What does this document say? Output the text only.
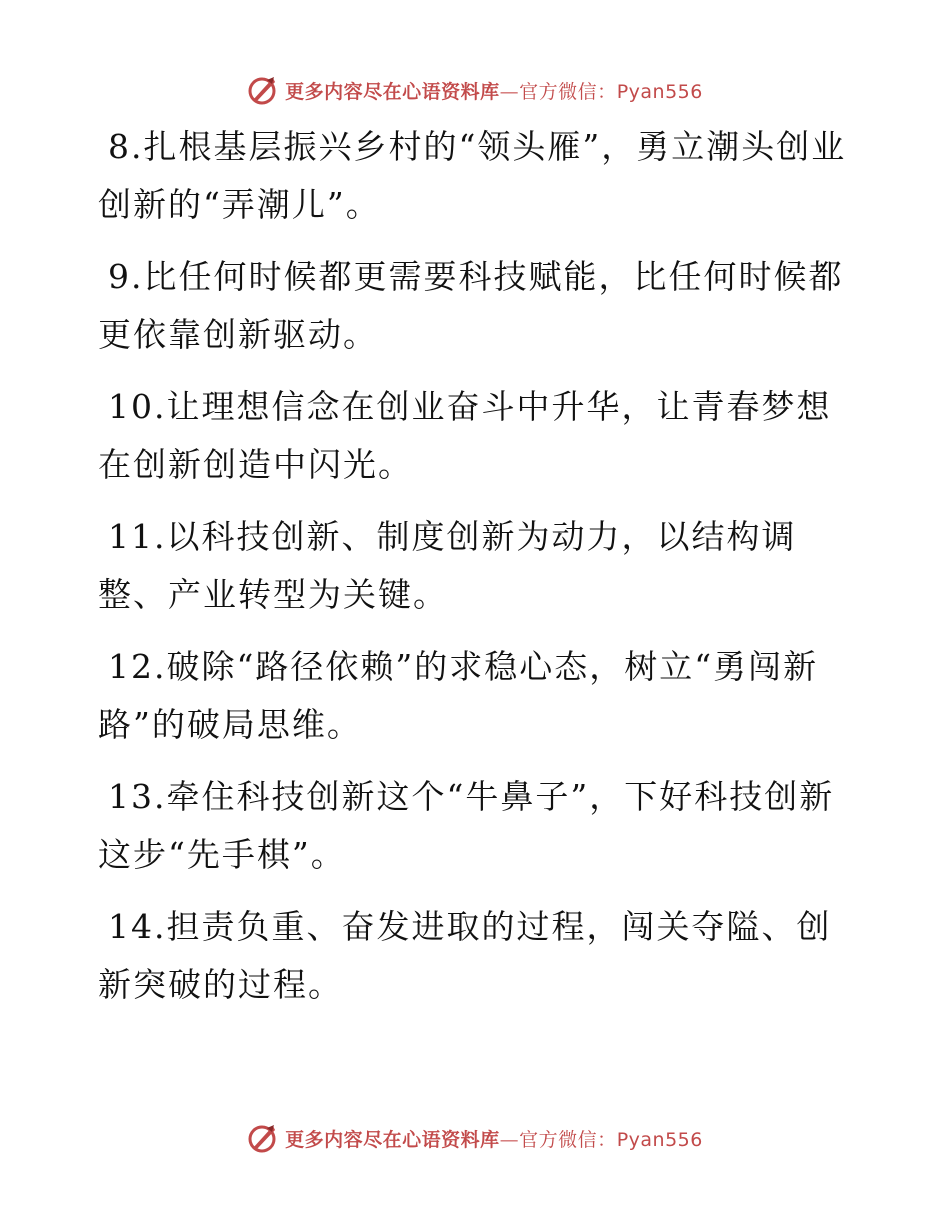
更多内容尽在心语资料库—官方微信：Pyan556

8.扎根基层振兴乡村的“领头雁”，勇立潮头创业创新的“弄潮儿”。

9.比任何时候都更需要科技赋能，比任何时候都更依靠创新驱动。

10.让理想信念在创业奋斗中升华，让青春梦想在创新创造中闪光。

11.以科技创新、制度创新为动力，以结构调整、产业转型为关键。

12.破除“路径依赖”的求稳心态，树立“勇闯新路”的破局思维。

13.牵住科技创新这个“牛鼻子”，下好科技创新这步“先手棋”。

14.担责负重、奋发进取的过程，闯关夺隘、创新突破的过程。

更多内容尽在心语资料库—官方微信：Pyan556
